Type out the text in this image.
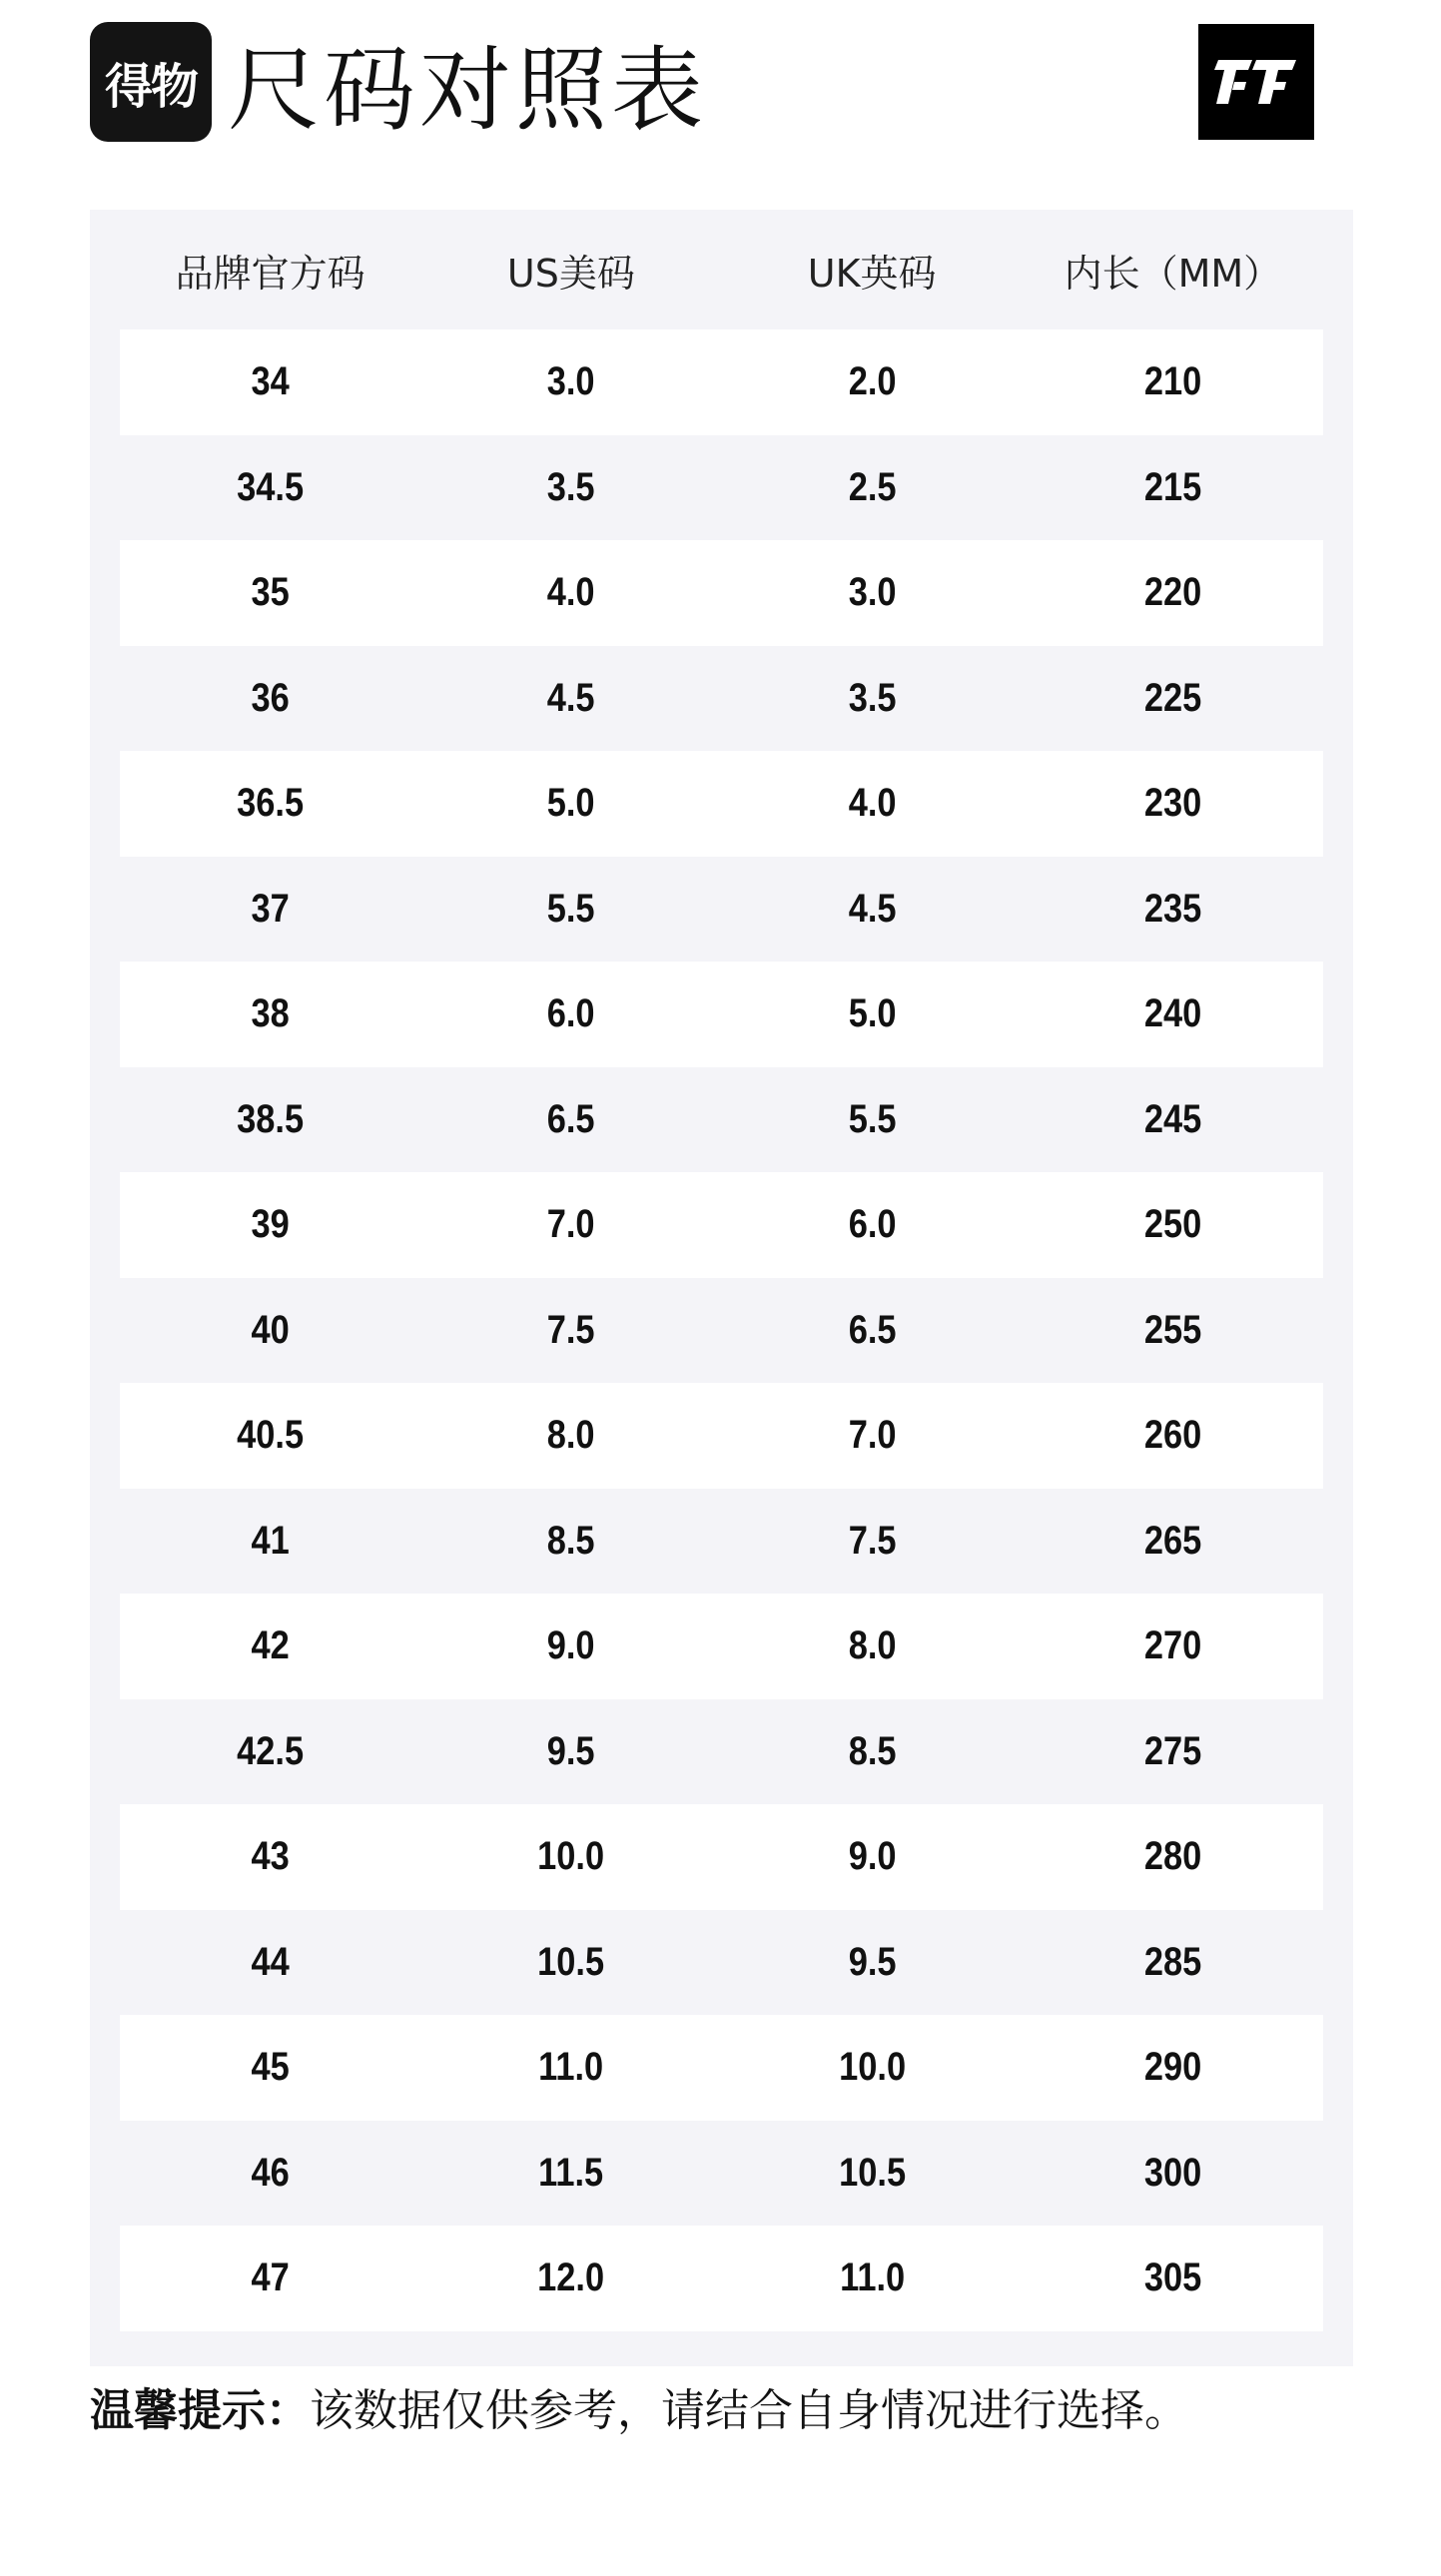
得物 尺码对照表
品牌官方码	US美码	UK英码	内长（MM）
34	3.0	2.0	210
34.5	3.5	2.5	215
35	4.0	3.0	220
36	4.5	3.5	225
36.5	5.0	4.0	230
37	5.5	4.5	235
38	6.0	5.0	240
38.5	6.5	5.5	245
39	7.0	6.0	250
40	7.5	6.5	255
40.5	8.0	7.0	260
41	8.5	7.5	265
42	9.0	8.0	270
42.5	9.5	8.5	275
43	10.0	9.0	280
44	10.5	9.5	285
45	11.0	10.0	290
46	11.5	10.5	300
47	12.0	11.0	305
温馨提示：该数据仅供参考，请结合自身情况进行选择。
